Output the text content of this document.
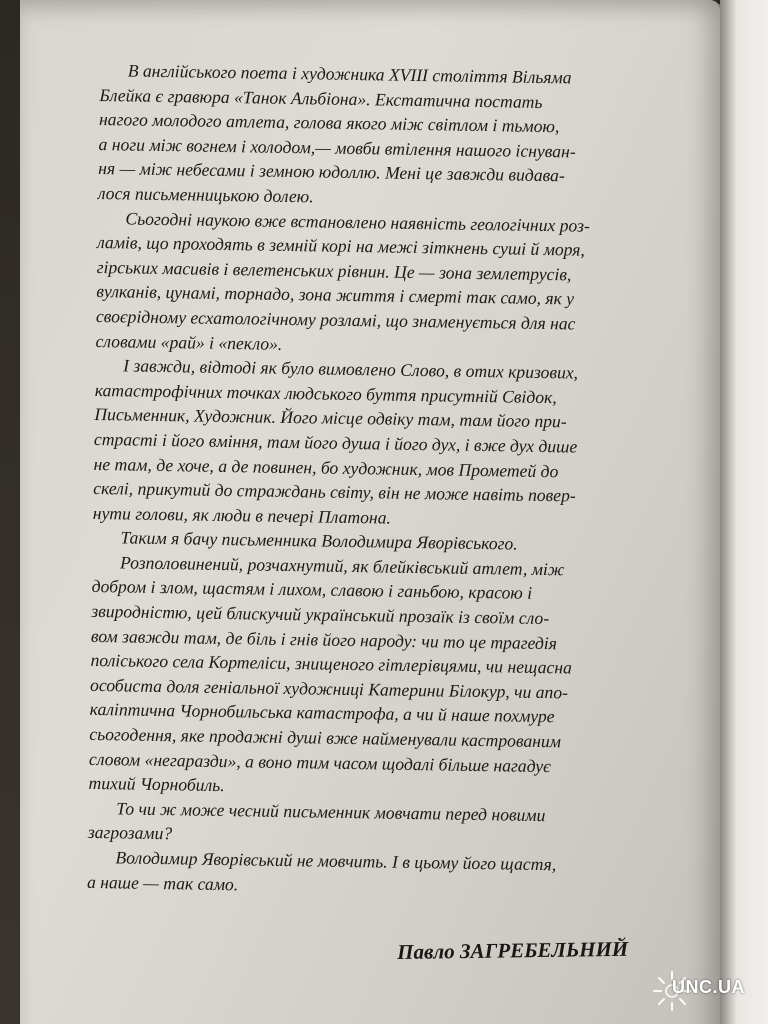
В англійського поета і художника XVIII століття Вільяма
Блейка є гравюра «Танок Альбіона». Екстатична постать
нагого молодого атлета, голова якого між світлом і тьмою,
а ноги між вогнем і холодом,— мовби втілення нашого існуван-
ня — між небесами і земною юдоллю. Мені це завжди видава-
лося письменницькою долею.

Сьогодні наукою вже встановлено наявність геологічних роз-
ламів, що проходять в земній корі на межі зіткнень суші й моря,
гірських масивів і велетенських рівнин. Це — зона землетрусів,
вулканів, цунамі, торнадо, зона життя і смерті так само, як у
своєрідному есхатологічному розламі, що знаменується для нас
словами «рай» і «пекло».

І завжди, відтоді як було вимовлено Слово, в отих кризових,
катастрофічних точках людського буття присутній Свідок,
Письменник, Художник. Його місце одвіку там, там його при-
страсті і його вміння, там його душа і його дух, і вже дух дише
не там, де хоче, а де повинен, бо художник, мов Прометей до
скелі, прикутий до страждань світу, він не може навіть повер-
нути голови, як люди в печері Платона.

Таким я бачу письменника Володимира Яворівського.

Розполовинений, розчахнутий, як блейківський атлет, між
добром і злом, щастям і лихом, славою і ганьбою, красою і
звиродністю, цей блискучий український прозаїк із своїм сло-
вом завжди там, де біль і гнів його народу: чи то це трагедія
поліського села Кортеліси, знищеного гітлерівцями, чи нещасна
особиста доля геніальної художниці Катерини Білокур, чи апо-
каліптична Чорнобильська катастрофа, а чи й наше похмуре
сьогодення, яке продажні душі вже найменували кастрованим
словом «негаразди», а воно тим часом щодалі більше нагадує
тихий Чорнобиль.

То чи ж може чесний письменник мовчати перед новими
загрозами?

Володимир Яворівський не мовчить. І в цьому його щастя,
а наше — так само.

Павло ЗАГРЕБЕЛЬНИЙ
UNC.UA
